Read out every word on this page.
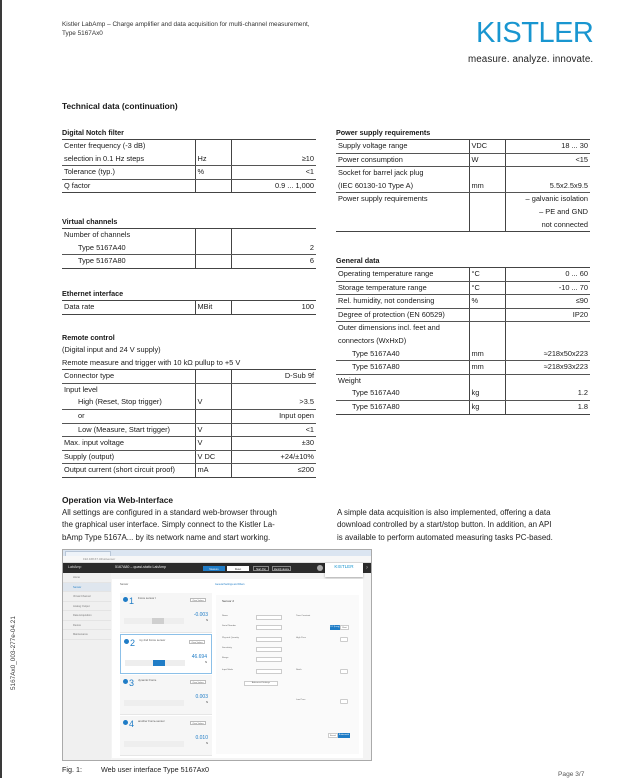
Kistler LabAmp – Charge amplifier and data acquisition for multi-channel measurement,
Type 5167Ax0	KISTLER
measure. analyze. innovate.
Technical data (continuation)
Digital Notch filter
Center frequency (-3 dB)		
selection in 0.1 Hz steps	Hz	≥10
Tolerance (typ.)	%	<1
Q factor		0.9 ... 1,000
Virtual channels
Number of channels		
Type 5167A40		2
Type 5167A80		6
Ethernet interface
Data rate	MBit	100
Remote control
(Digital input and 24 V supply)
Remote measure and trigger with 10 kΩ pullup to +5 V
Connector type		D-Sub 9f
Input level		
High (Reset, Stop trigger)	V	>3.5
or		Input open
Low (Measure, Start trigger)	V	<1
Max. input voltage	V	±30
Supply (output)	V DC	+24/±10%
Output current (short circuit proof)	mA	≤200
Power supply requirements
Supply voltage range	VDC	18 ... 30
Power consumption	W	<15
Socket for barrel jack plug		
(IEC 60130-10 Type A)	mm	5.5x2.5x9.5
Power supply requirements		– galvanic isolation
		– PE and GND
		not connected
General data
Operating temperature range	°C	0 ... 60
Storage temperature range	°C	-10 ... 70
Rel. humidity, not condensing	%	≤90
Degree of protection (EN 60529)		IP20
Outer dimensions incl. feet and		
connectors (WxHxD)		
Type 5167A40	mm	≈218x50x223
Type 5167A80	mm	≈218x93x223
Weight		
Type 5167A40	kg	1.2
Type 5167A80	kg	1.8
Operation via Web-Interface
All settings are configured in a standard web-browser through
the graphical user interface. Simply connect to the Kistler La-
bAmp Type 5167A... by its network name and start working.
A simple data acquisition is also implemented, offering a data
download controlled by a start/stop button. In addition, an API
is available to perform automated measuring tasks PC-based.
192.168.67.34/ui/sensor
LabAmp	5167A80 – quasi-static LabAmp	Measure	Reset	Start (f/s)	Identify device	KISTLER	?
Home
Sensor
Virtual Channel
Analog Output
Data Acquisition
Device
Maintenance
Sensor	General Settings and Filters
1 Force sensor I
Clear Values
-0.003
N
2 my 2nd Force sensor
Clear Values
46.694
N
3 dynamic Force
Clear Values
0.003
N
4 another Force-sensor
Clear Values
0.010
N
Sensor 2
Name
Serial Number
Physical Quantity
Sensitivity
Range
Input Mode
Advanced Settings
Time Constant
DC (Long)	Short
High Pass
Notch
Low Pass
Bessel	Butterworth
Fig. 1:	Web user interface Type 5167Ax0
Page 3/7
5167Ax0_003-277e-04.21
